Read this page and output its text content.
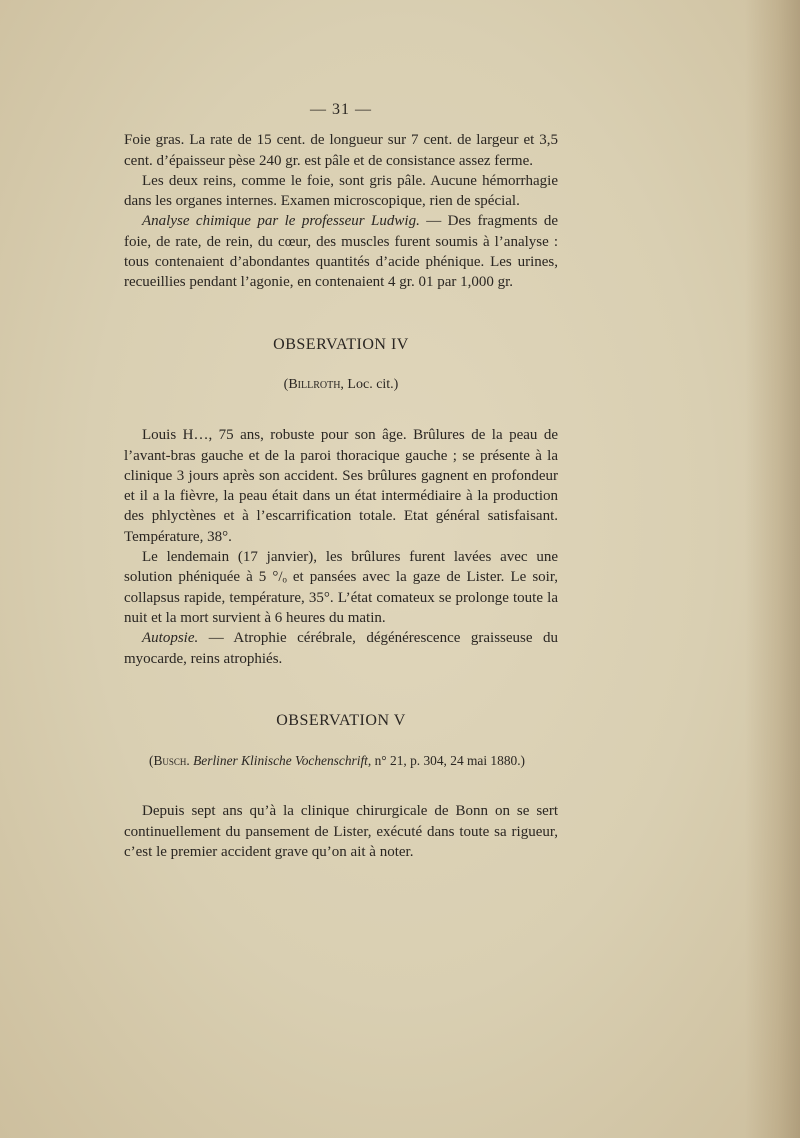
— 31 —

Foie gras. La rate de 15 cent. de longueur sur 7 cent. de largeur et 3,5 cent. d’épaisseur pèse 240 gr. est pâle et de consistance assez ferme.

Les deux reins, comme le foie, sont gris pâle. Aucune hémorrhagie dans les organes internes. Examen microscopique, rien de spécial.

Analyse chimique par le professeur Ludwig. — Des fragments de foie, de rate, de rein, du cœur, des muscles furent soumis à l’analyse : tous contenaient d’abondantes quantités d’acide phénique. Les urines, recueillies pendant l’agonie, en contenaient 4 gr. 01 par 1,000 gr.

OBSERVATION IV
(Billroth, Loc. cit.)

Louis H…, 75 ans, robuste pour son âge. Brûlures de la peau de l’avant-bras gauche et de la paroi thoracique gauche ; se présente à la clinique 3 jours après son accident. Ses brûlures gagnent en profondeur et il a la fièvre, la peau était dans un état intermédiaire à la production des phlyctènes et à l’escarrification totale. Etat général satisfaisant. Température, 38°.

Le lendemain (17 janvier), les brûlures furent lavées avec une solution phéniquée à 5 °/ₒ et pansées avec la gaze de Lister. Le soir, collapsus rapide, température, 35°. L’état comateux se prolonge toute la nuit et la mort survient à 6 heures du matin.

Autopsie. — Atrophie cérébrale, dégénérescence graisseuse du myocarde, reins atrophiés.

OBSERVATION V
(Busch. Berliner Klinische Vochenschrift, n° 21, p. 304, 24 mai 1880.)

Depuis sept ans qu’à la clinique chirurgicale de Bonn on se sert continuellement du pansement de Lister, exécuté dans toute sa rigueur, c’est le premier accident grave qu’on ait à noter.
